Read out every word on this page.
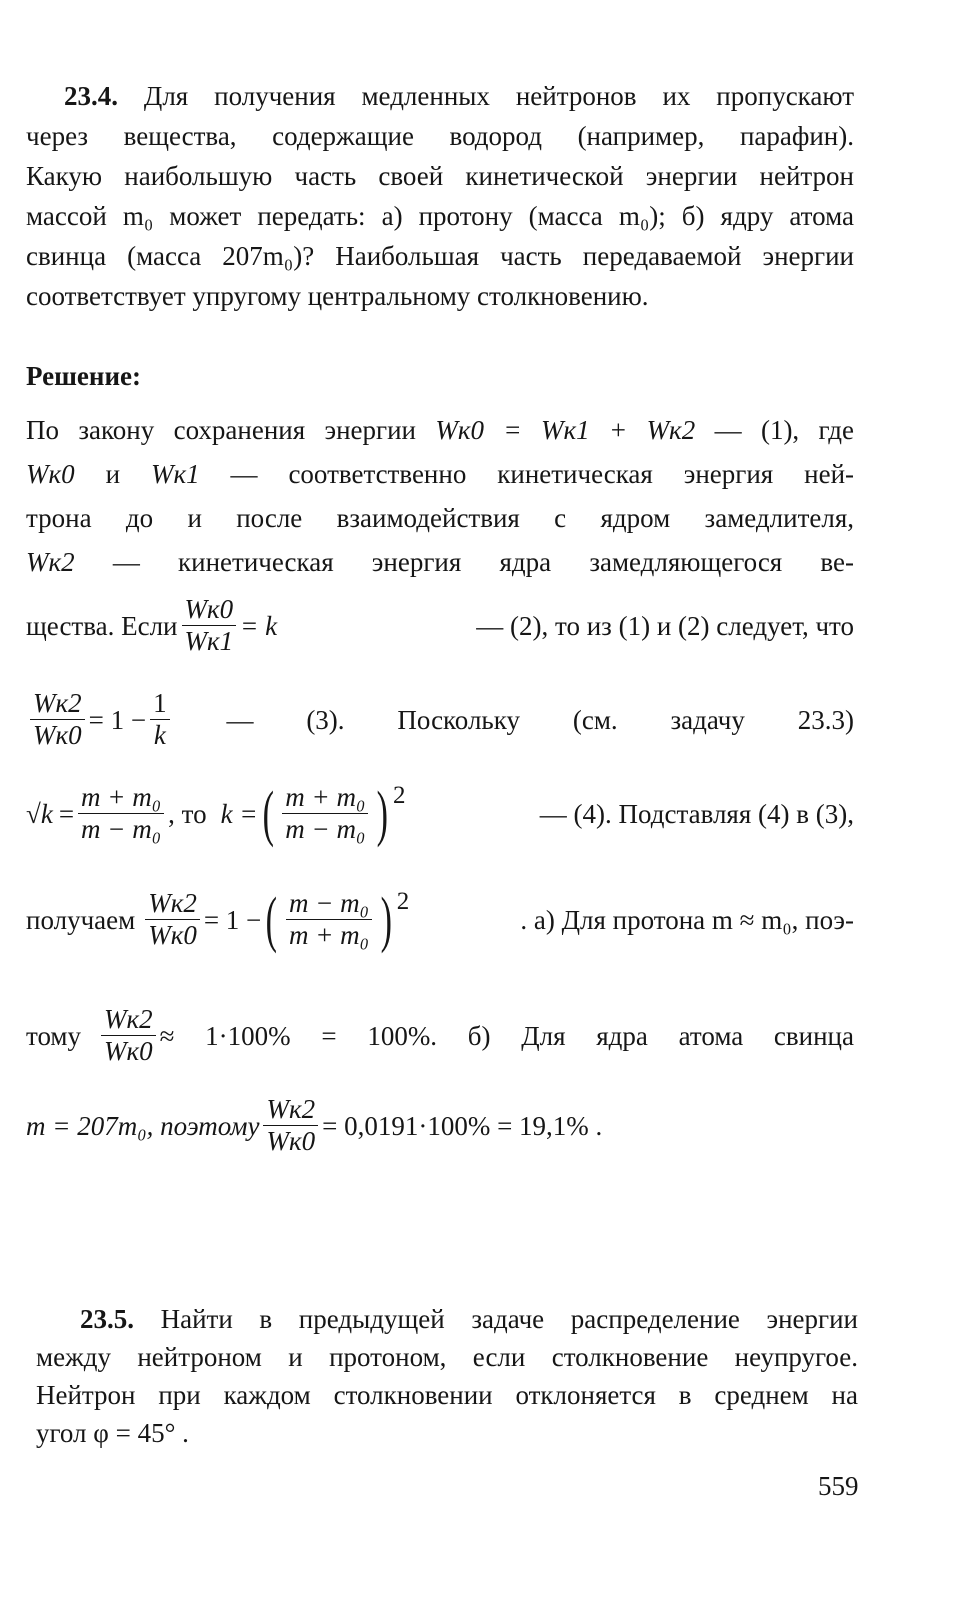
23.4. Для получения медленных нейтронов их пропускают
через вещества, содержащие водород (например, парафин).
Какую наибольшую часть своей кинетической энергии нейтрон
массой m₀ может передать: а) протону (масса m₀); б) ядру атома
свинца (масса 207m₀)? Наибольшая часть передаваемой энергии
соответствует упругому центральному столкновению.
Решение:
По закону сохранения энергии Wк0 = Wк1 + Wк2 — (1), где
Wк0 и Wк1 — соответственно кинетическая энергия ней-
трона до и после взаимодействия с ядром замедлителя,
Wк2 — кинетическая энергия ядра замедляющегося ве-
щества. Если $\frac{Wк0}{Wк1} = k$	— (2), то из (1) и (2) следует, что
$\frac{Wк2}{Wк0} = 1 - \frac{1}{k}$ — (3). Поскольку (см. задачу 23.3)
$√k = \frac{\text{m + m₀}}{\text{m − m₀}}$ , то k = ( $\frac{\text{m + m₀}}{\text{m − m₀}}$ ) 2
— (4). Подставляя (4) в (3),
получаем $\frac{Wк2}{Wк0} = 1$ − ( $\frac{\text{m − m₀}}{\text{m + m₀}}$ ) 2
. а) Для протона m ≈ m₀, поэ-
тому $\frac{Wк2}{Wк0} \approx 1\cdot 100\% = 100\%$. б) Для ядра атома свинца
m = 207m₀, поэтому $\frac{Wк2}{Wк0} = 0,0191\cdot 100\% = 19,1\%$ .
23.5. Найти в предыдущей задаче распределение энергии
между нейтроном и протоном, если столкновение неупругое.
Нейтрон при каждом столкновении отклоняется в среднем на
угол φ = 45° .
559
